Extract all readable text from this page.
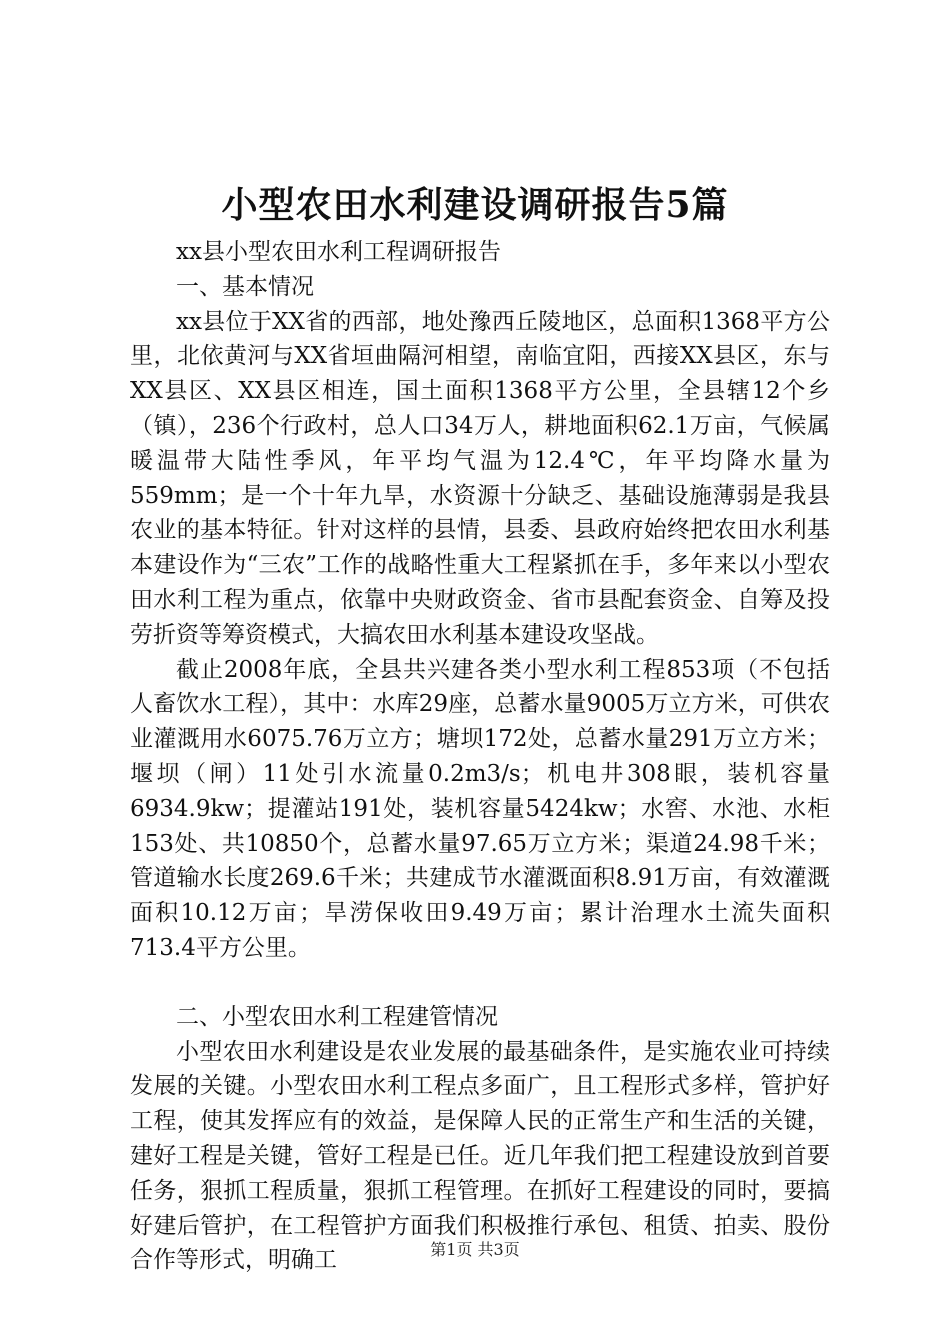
小型农田水利建设调研报告5篇

xx县小型农田水利工程调研报告

一、基本情况

xx县位于XX省的西部，地处豫西丘陵地区，总面积1368平方公里，北依黄河与XX省垣曲隔河相望，南临宜阳，西接XX县区，东与XX县区、XX县区相连，国土面积1368平方公里，全县辖12个乡（镇），236个行政村，总人口34万人，耕地面积62.1万亩，气候属暖温带大陆性季风，年平均气温为12.4℃，年平均降水量为559mm；是一个十年九旱，水资源十分缺乏、基础设施薄弱是我县农业的基本特征。针对这样的县情，县委、县政府始终把农田水利基本建设作为“三农”工作的战略性重大工程紧抓在手，多年来以小型农田水利工程为重点，依靠中央财政资金、省市县配套资金、自筹及投劳折资等筹资模式，大搞农田水利基本建设攻坚战。

截止2008年底，全县共兴建各类小型水利工程853项（不包括人畜饮水工程），其中：水库29座，总蓄水量9005万立方米，可供农业灌溉用水6075.76万立方；塘坝172处，总蓄水量291万立方米；堰坝（闸）11处引水流量0.2m3/s；机电井308眼，装机容量6934.9kw；提灌站191处，装机容量5424kw；水窖、水池、水柜153处、共10850个，总蓄水量97.65万立方米；渠道24.98千米；管道输水长度269.6千米；共建成节水灌溉面积8.91万亩，有效灌溉面积10.12万亩；旱涝保收田9.49万亩；累计治理水土流失面积713.4平方公里。

二、小型农田水利工程建管情况

小型农田水利建设是农业发展的最基础条件，是实施农业可持续发展的关键。小型农田水利工程点多面广，且工程形式多样，管护好工程，使其发挥应有的效益，是保障人民的正常生产和生活的关键，建好工程是关键，管好工程是已任。近几年我们把工程建设放到首要任务，狠抓工程质量，狠抓工程管理。在抓好工程建设的同时，要搞好建后管护，在工程管护方面我们积极推行承包、租赁、拍卖、股份合作等形式，明确工	第1页 共3页
